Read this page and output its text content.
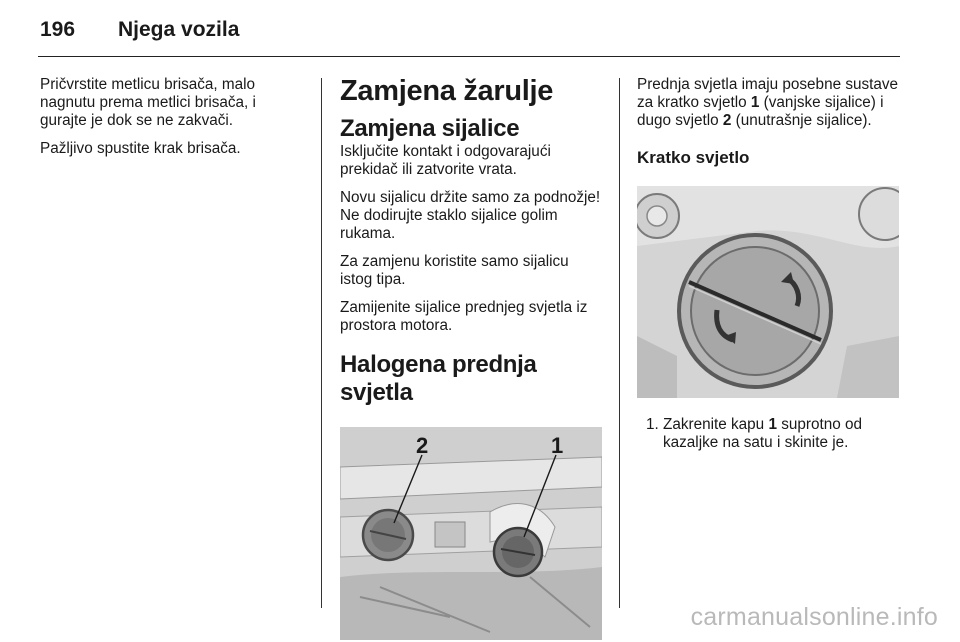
196 Njega vozila

Pričvrstite metlicu brisača, malo nagnutu prema metlici brisača, i gurajte je dok se ne zakvači.

Pažljivo spustite krak brisača.

Zamjena žarulje
Zamjena sijalice

Isključite kontakt i odgovarajući prekidač ili zatvorite vrata.

Novu sijalicu držite samo za podnožje! Ne dodirujte staklo sijalice golim rukama.

Za zamjenu koristite samo sijalicu istog tipa.

Zamijenite sijalice prednjeg svjetla iz prostora motora.

Halogena prednja svjetla
2	1

Prednja svjetla imaju posebne sustave za kratko svjetlo 1 (vanjske sijalice) i dugo svjetlo 2 (unutrašnje sijalice).

Kratko svjetlo
1. Zakrenite kapu 1 suprotno od kazaljke na satu i skinite je.
carmanualsonline.info
